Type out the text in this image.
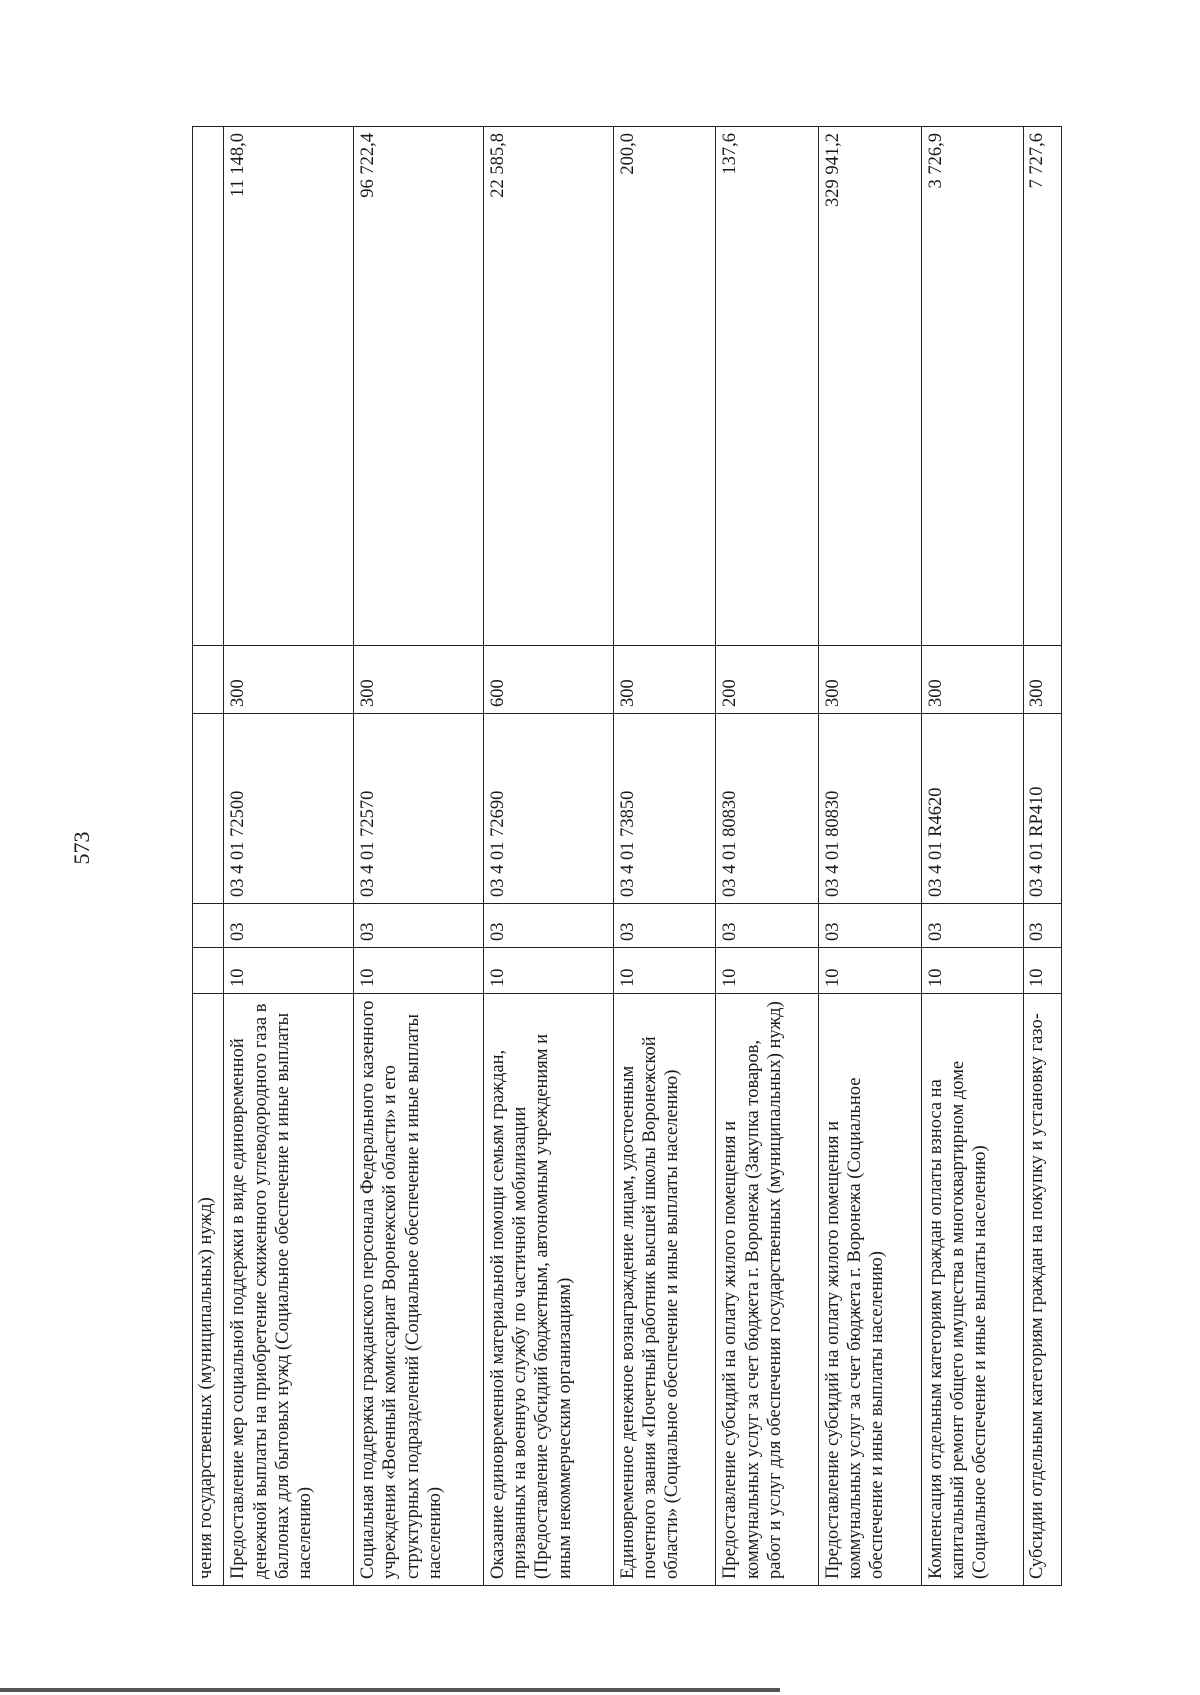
573
чения государственных (муниципальных) нужд)					
Предоставление мер социальной поддержки в виде единовременной денежной выплаты на приобретение сжиженного углеводородного газа в баллонах для бытовых нужд (Социальное обеспечение и иные выплаты населению)	10	03	03 4 01 72500	300	11 148,0
Социальная поддержка гражданского персонала Федерального казенного учреждения «Военный комиссариат Воронежской области» и его структурных подразделений (Социальное обеспечение и иные выплаты населению)	10	03	03 4 01 72570	300	96 722,4
Оказание единовременной материальной помощи семьям граждан, призванных на военную службу по частичной мобилизации (Предоставление субсидий бюджетным, автономным учреждениям и иным некоммерческим организациям)	10	03	03 4 01 72690	600	22 585,8
Единовременное денежное вознаграждение лицам, удостоенным почетного звания «Почетный работник высшей школы Воронежской области» (Социальное обеспечение и иные выплаты населению)	10	03	03 4 01 73850	300	200,0
Предоставление субсидий на оплату жилого помещения и коммунальных услуг за счет бюджета г. Воронежа (Закупка товаров, работ и услуг для обеспечения государственных (муниципальных) нужд)	10	03	03 4 01 80830	200	137,6
Предоставление субсидий на оплату жилого помещения и коммунальных услуг за счет бюджета г. Воронежа (Социальное обеспечение и иные выплаты населению)	10	03	03 4 01 80830	300	329 941,2
Компенсация отдельным категориям граждан оплаты взноса на капитальный ремонт общего имущества в многоквартирном доме (Социальное обеспечение и иные выплаты населению)	10	03	03 4 01 R4620	300	3 726,9
Субсидии отдельным категориям граждан на покупку и установку газо-	10	03	03 4 01 RP410	300	7 727,6
